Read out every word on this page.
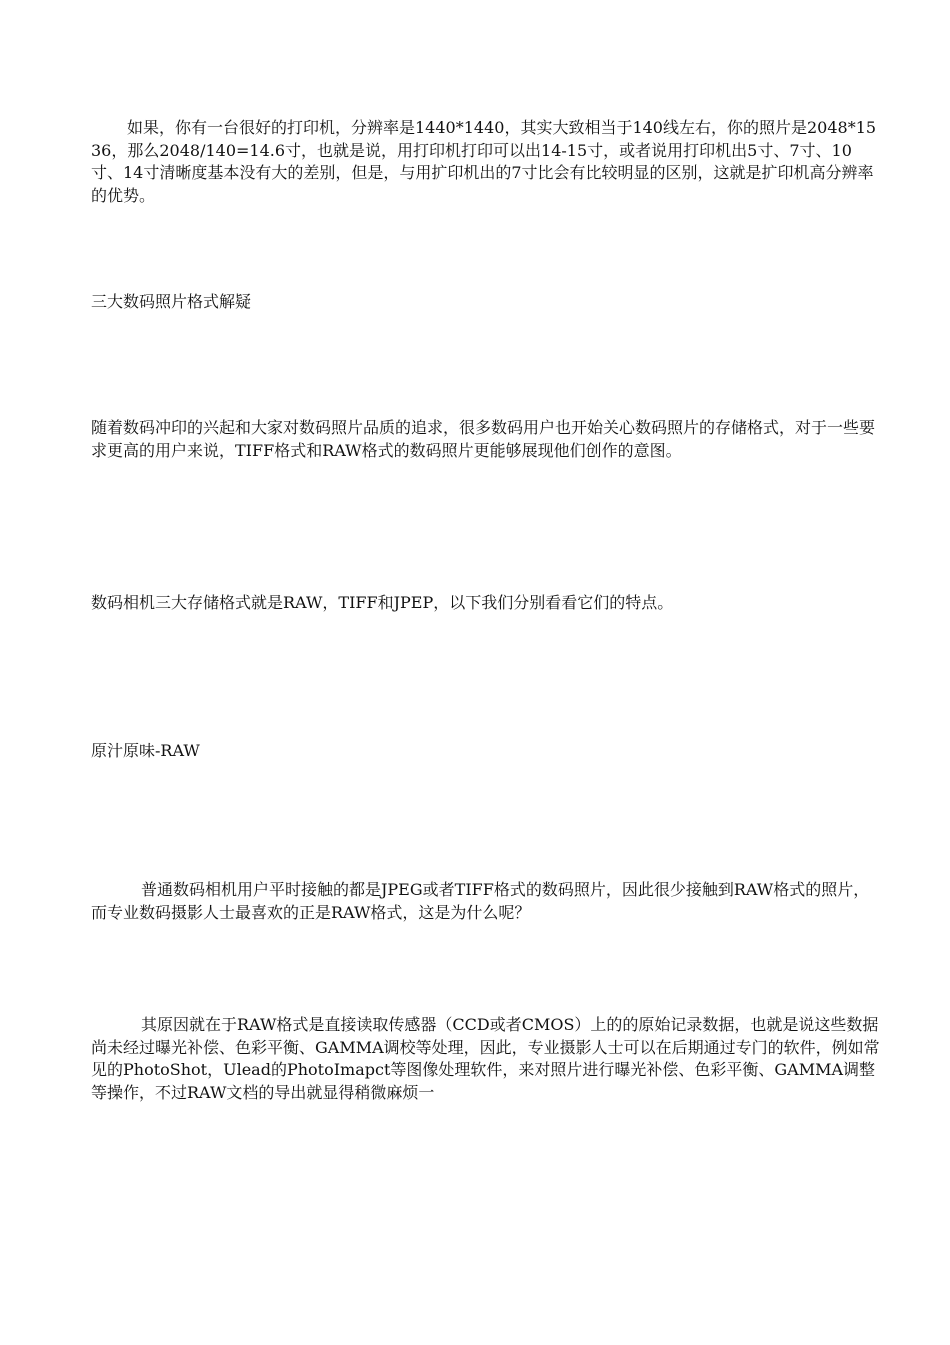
如果，你有一台很好的打印机，分辨率是1440*1440，其实大致相当于140线左右，你的照片是2048*1536，那么2048/140=14.6寸，也就是说，用打印机打印可以出14-15寸，或者说用打印机出5寸、7寸、10寸、14寸清晰度基本没有大的差别，但是，与用扩印机出的7寸比会有比较明显的区别，这就是扩印机高分辨率的优势。

三大数码照片格式解疑

随着数码冲印的兴起和大家对数码照片品质的追求，很多数码用户也开始关心数码照片的存储格式，对于一些要求更高的用户来说，TIFF格式和RAW格式的数码照片更能够展现他们创作的意图。

数码相机三大存储格式就是RAW，TIFF和JPEP，以下我们分别看看它们的特点。

原汁原味-RAW

普通数码相机用户平时接触的都是JPEG或者TIFF格式的数码照片，因此很少接触到RAW格式的照片，而专业数码摄影人士最喜欢的正是RAW格式，这是为什么呢？

其原因就在于RAW格式是直接读取传感器（CCD或者CMOS）上的的原始记录数据，也就是说这些数据尚未经过曝光补偿、色彩平衡、GAMMA调校等处理，因此，专业摄影人士可以在后期通过专门的软件，例如常见的PhotoShot，Ulead的PhotoImapct等图像处理软件，来对照片进行曝光补偿、色彩平衡、GAMMA调整等操作，不过RAW文档的导出就显得稍微麻烦一
